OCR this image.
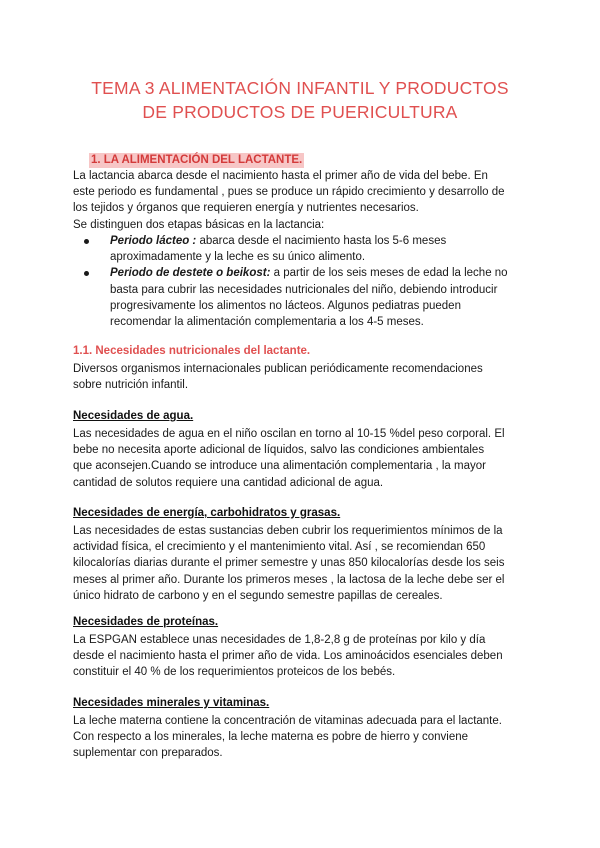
TEMA 3 ALIMENTACIÓN INFANTIL Y PRODUCTOS
DE PRODUCTOS DE PUERICULTURA
1. LA ALIMENTACIÓN DEL LACTANTE.
La lactancia abarca desde el nacimiento hasta el primer año de vida del bebe. En
este periodo es fundamental , pues se produce un rápido crecimiento y desarrollo de
los tejidos y órganos que requieren energía y nutrientes necesarios.
Se distinguen dos etapas básicas en la lactancia:
Periodo lácteo : abarca desde el nacimiento hasta los 5-6 meses
aproximadamente y la leche es su único alimento.
Periodo de destete o beikost: a partir de los seis meses de edad la leche no
basta para cubrir las necesidades nutricionales del niño, debiendo introducir
progresivamente los alimentos no lácteos. Algunos pediatras pueden
recomendar la alimentación complementaria a los 4-5 meses.
1.1. Necesidades nutricionales del lactante.
Diversos organismos internacionales publican periódicamente recomendaciones
sobre nutrición infantil.
Necesidades de agua.
Las necesidades de agua en el niño oscilan en torno al 10-15 %del peso corporal. El
bebe no necesita aporte adicional de líquidos, salvo las condiciones ambientales
que aconsejen.Cuando se introduce una alimentación complementaria , la mayor
cantidad de solutos requiere una cantidad adicional de agua.
Necesidades de energía, carbohidratos y grasas.
Las necesidades de estas sustancias deben cubrir los requerimientos mínimos de la
actividad física, el crecimiento y el mantenimiento vital. Así , se recomiendan 650
kilocalorías diarias durante el primer semestre y unas 850 kilocalorías desde los seis
meses al primer año. Durante los primeros meses , la lactosa de la leche debe ser el
único hidrato de carbono y en el segundo semestre papillas de cereales.
Necesidades de proteínas.
La ESPGAN establece unas necesidades de 1,8-2,8 g de proteínas por kilo y día
desde el nacimiento hasta el primer año de vida. Los aminoácidos esenciales deben
constituir el 40 % de los requerimientos proteicos de los bebés.
Necesidades minerales y vitaminas.
La leche materna contiene la concentración de vitaminas adecuada para el lactante.
Con respecto a los minerales, la leche materna es pobre de hierro y conviene
suplementar con preparados.
